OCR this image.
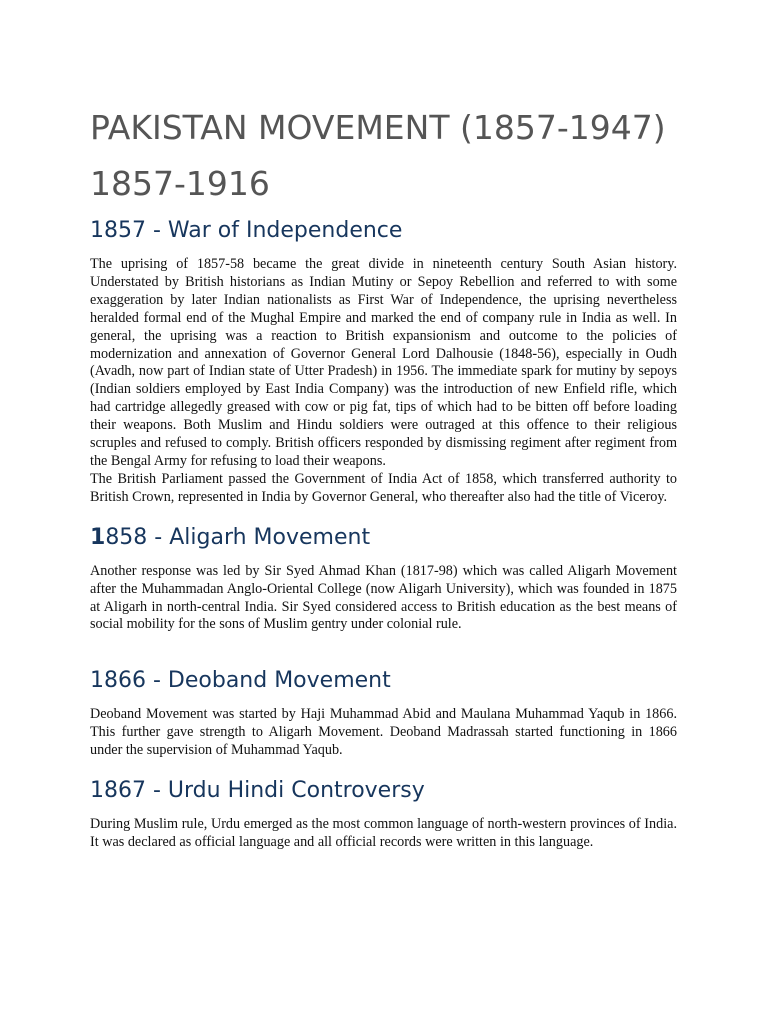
PAKISTAN MOVEMENT (1857-1947)
1857-1916
1857 - War of Independence

The uprising of 1857-58 became the great divide in nineteenth century South Asian history. Understated by British historians as Indian Mutiny or Sepoy Rebellion and referred to with some exaggeration by later Indian nationalists as First War of Independence, the uprising nevertheless heralded formal end of the Mughal Empire and marked the end of company rule in India as well. In general, the uprising was a reaction to British expansionism and outcome to the policies of modernization and annexation of Governor General Lord Dalhousie (1848-56), especially in Oudh (Avadh, now part of Indian state of Utter Pradesh) in 1956. The immediate spark for mutiny by sepoys (Indian soldiers employed by East India Company) was the introduction of new Enfield rifle, which had cartridge allegedly greased with cow or pig fat, tips of which had to be bitten off before loading their weapons. Both Muslim and Hindu soldiers were outraged at this offence to their religious scruples and refused to comply. British officers responded by dismissing regiment after regiment from the Bengal Army for refusing to load their weapons.

The British Parliament passed the Government of India Act of 1858, which transferred authority to British Crown, represented in India by Governor General, who thereafter also had the title of Viceroy.

1858 - Aligarh Movement

Another response was led by Sir Syed Ahmad Khan (1817-98) which was called Aligarh Movement after the Muhammadan Anglo-Oriental College (now Aligarh University), which was founded in 1875 at Aligarh in north-central India. Sir Syed considered access to British education as the best means of social mobility for the sons of Muslim gentry under colonial rule.

1866 - Deoband Movement

Deoband Movement was started by Haji Muhammad Abid and Maulana Muhammad Yaqub in 1866. This further gave strength to Aligarh Movement. Deoband Madrassah started functioning in 1866 under the supervision of Muhammad Yaqub.

1867 - Urdu Hindi Controversy

During Muslim rule, Urdu emerged as the most common language of north-western provinces of India. It was declared as official language and all official records were written in this language.
